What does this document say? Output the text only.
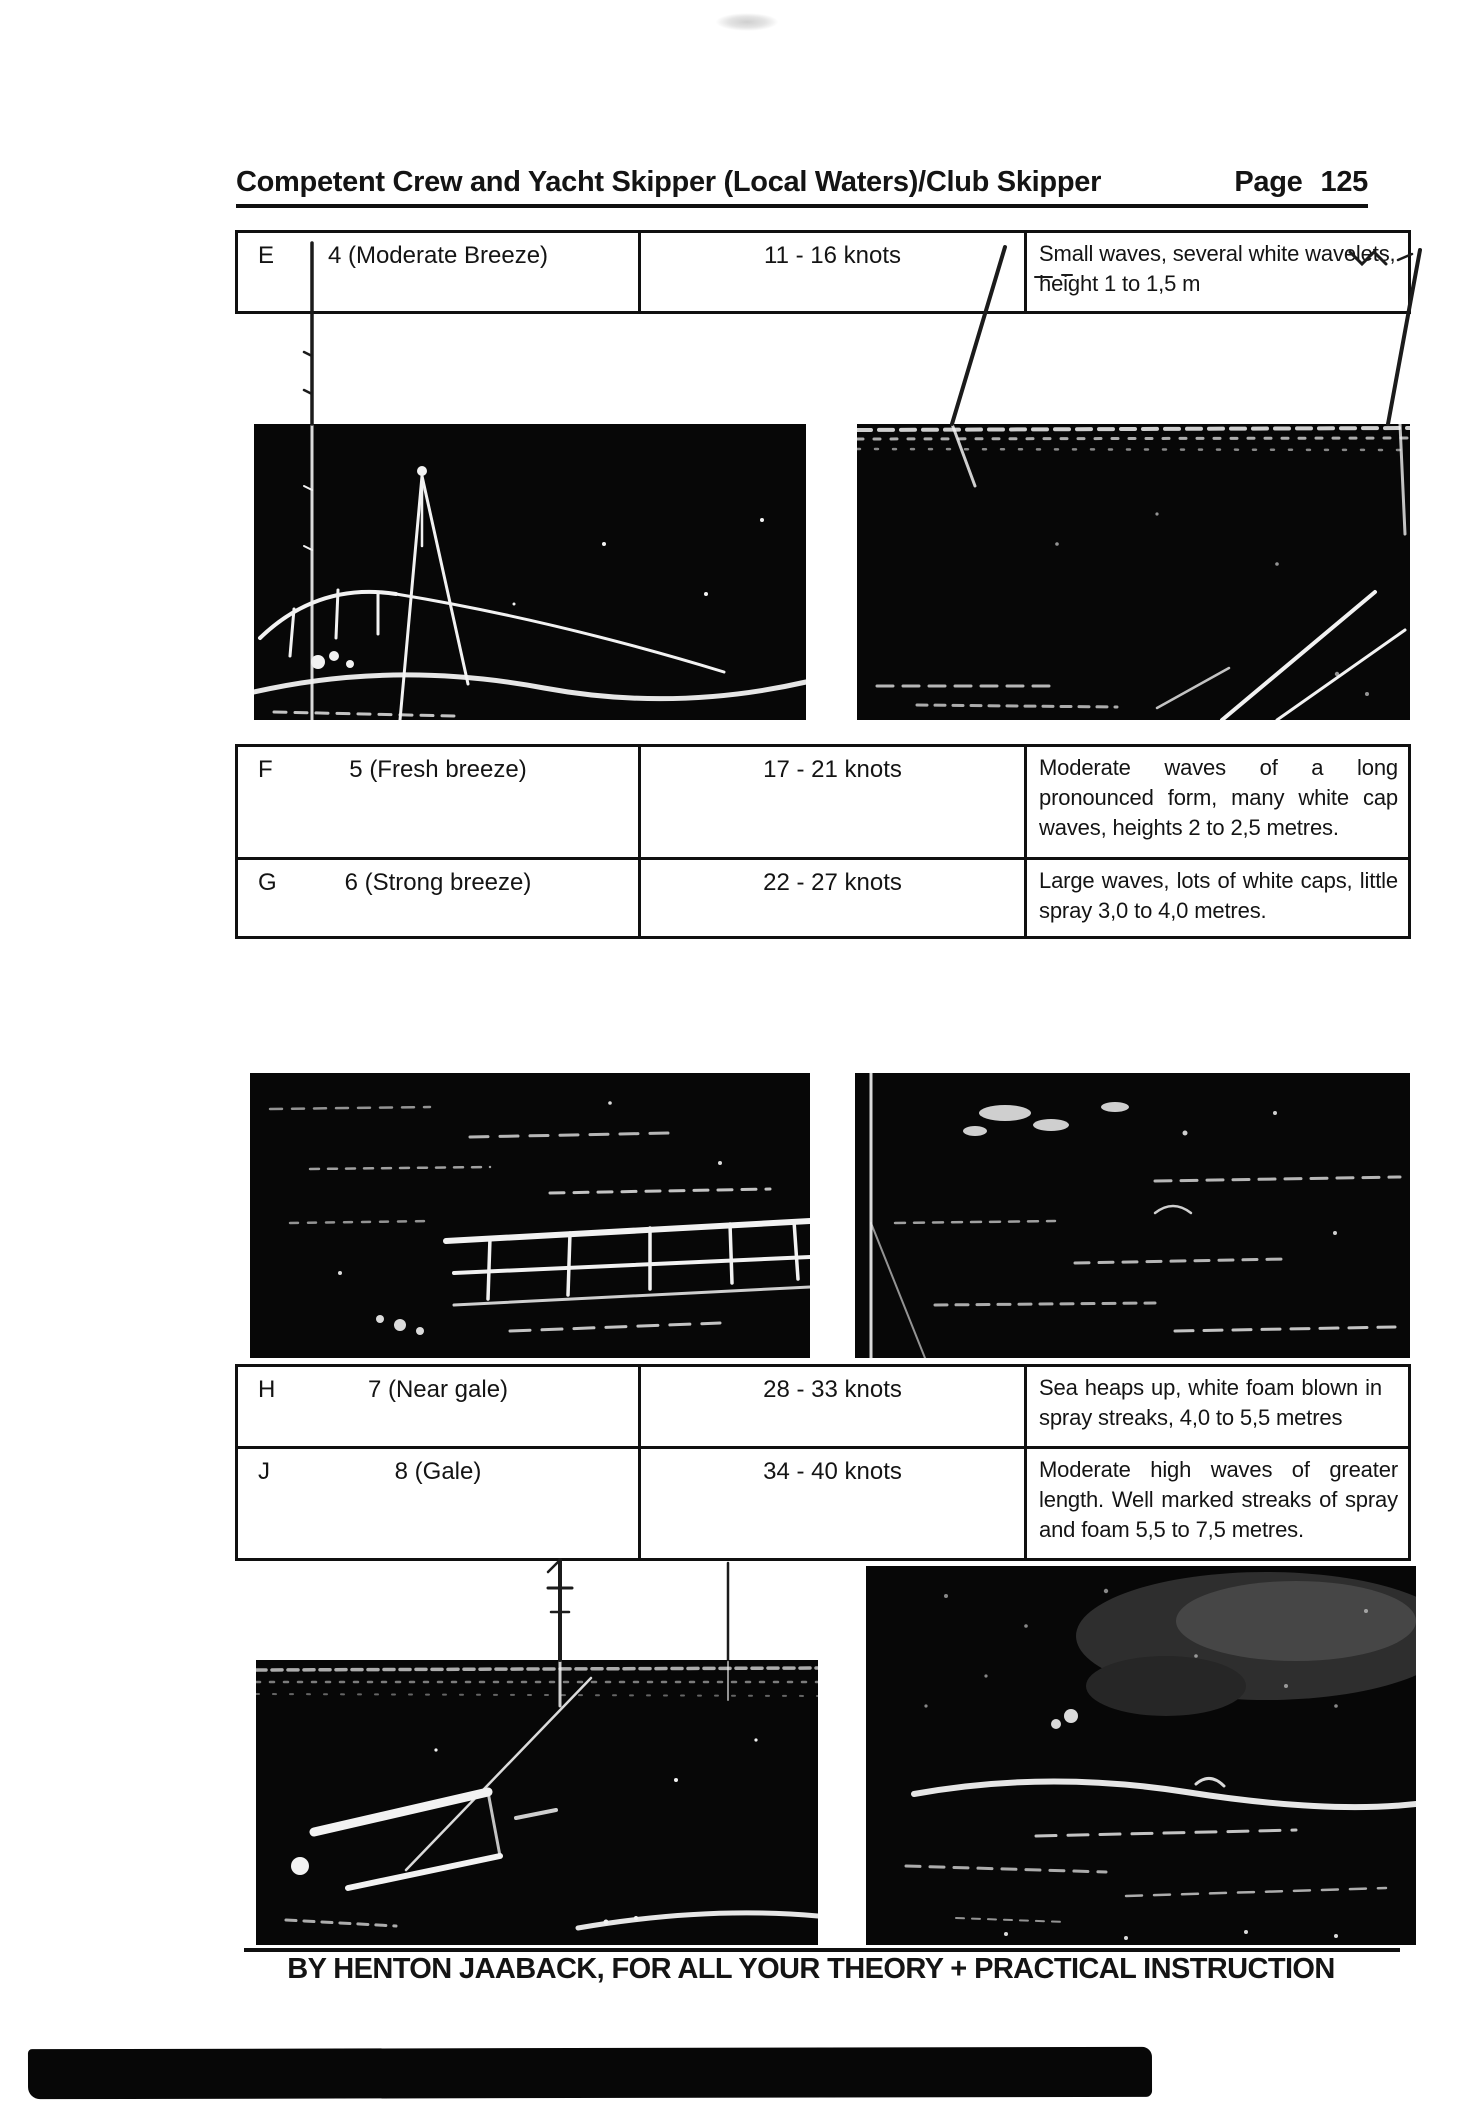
Competent Crew and Yacht Skipper (Local Waters)/Club Skipper	Page 125
E	4 (Moderate Breeze)	11 - 16 knots	Small waves, several white wavelets, height 1 to 1,5 m
F	5 (Fresh breeze)	17 - 21 knots	Moderate waves of a long pronounced form, many white cap waves, heights 2 to 2,5 metres.
G	6 (Strong breeze)	22 - 27 knots	Large waves, lots of white caps, little spray 3,0 to 4,0 metres.
H	7 (Near gale)	28 - 33 knots	Sea heaps up, white foam blown in spray streaks, 4,0 to 5,5 metres
J	8 (Gale)	34 - 40 knots	Moderate high waves of greater length. Well marked streaks of spray and foam 5,5 to 7,5 metres.
BY HENTON JAABACK, FOR ALL YOUR THEORY + PRACTICAL INSTRUCTION
